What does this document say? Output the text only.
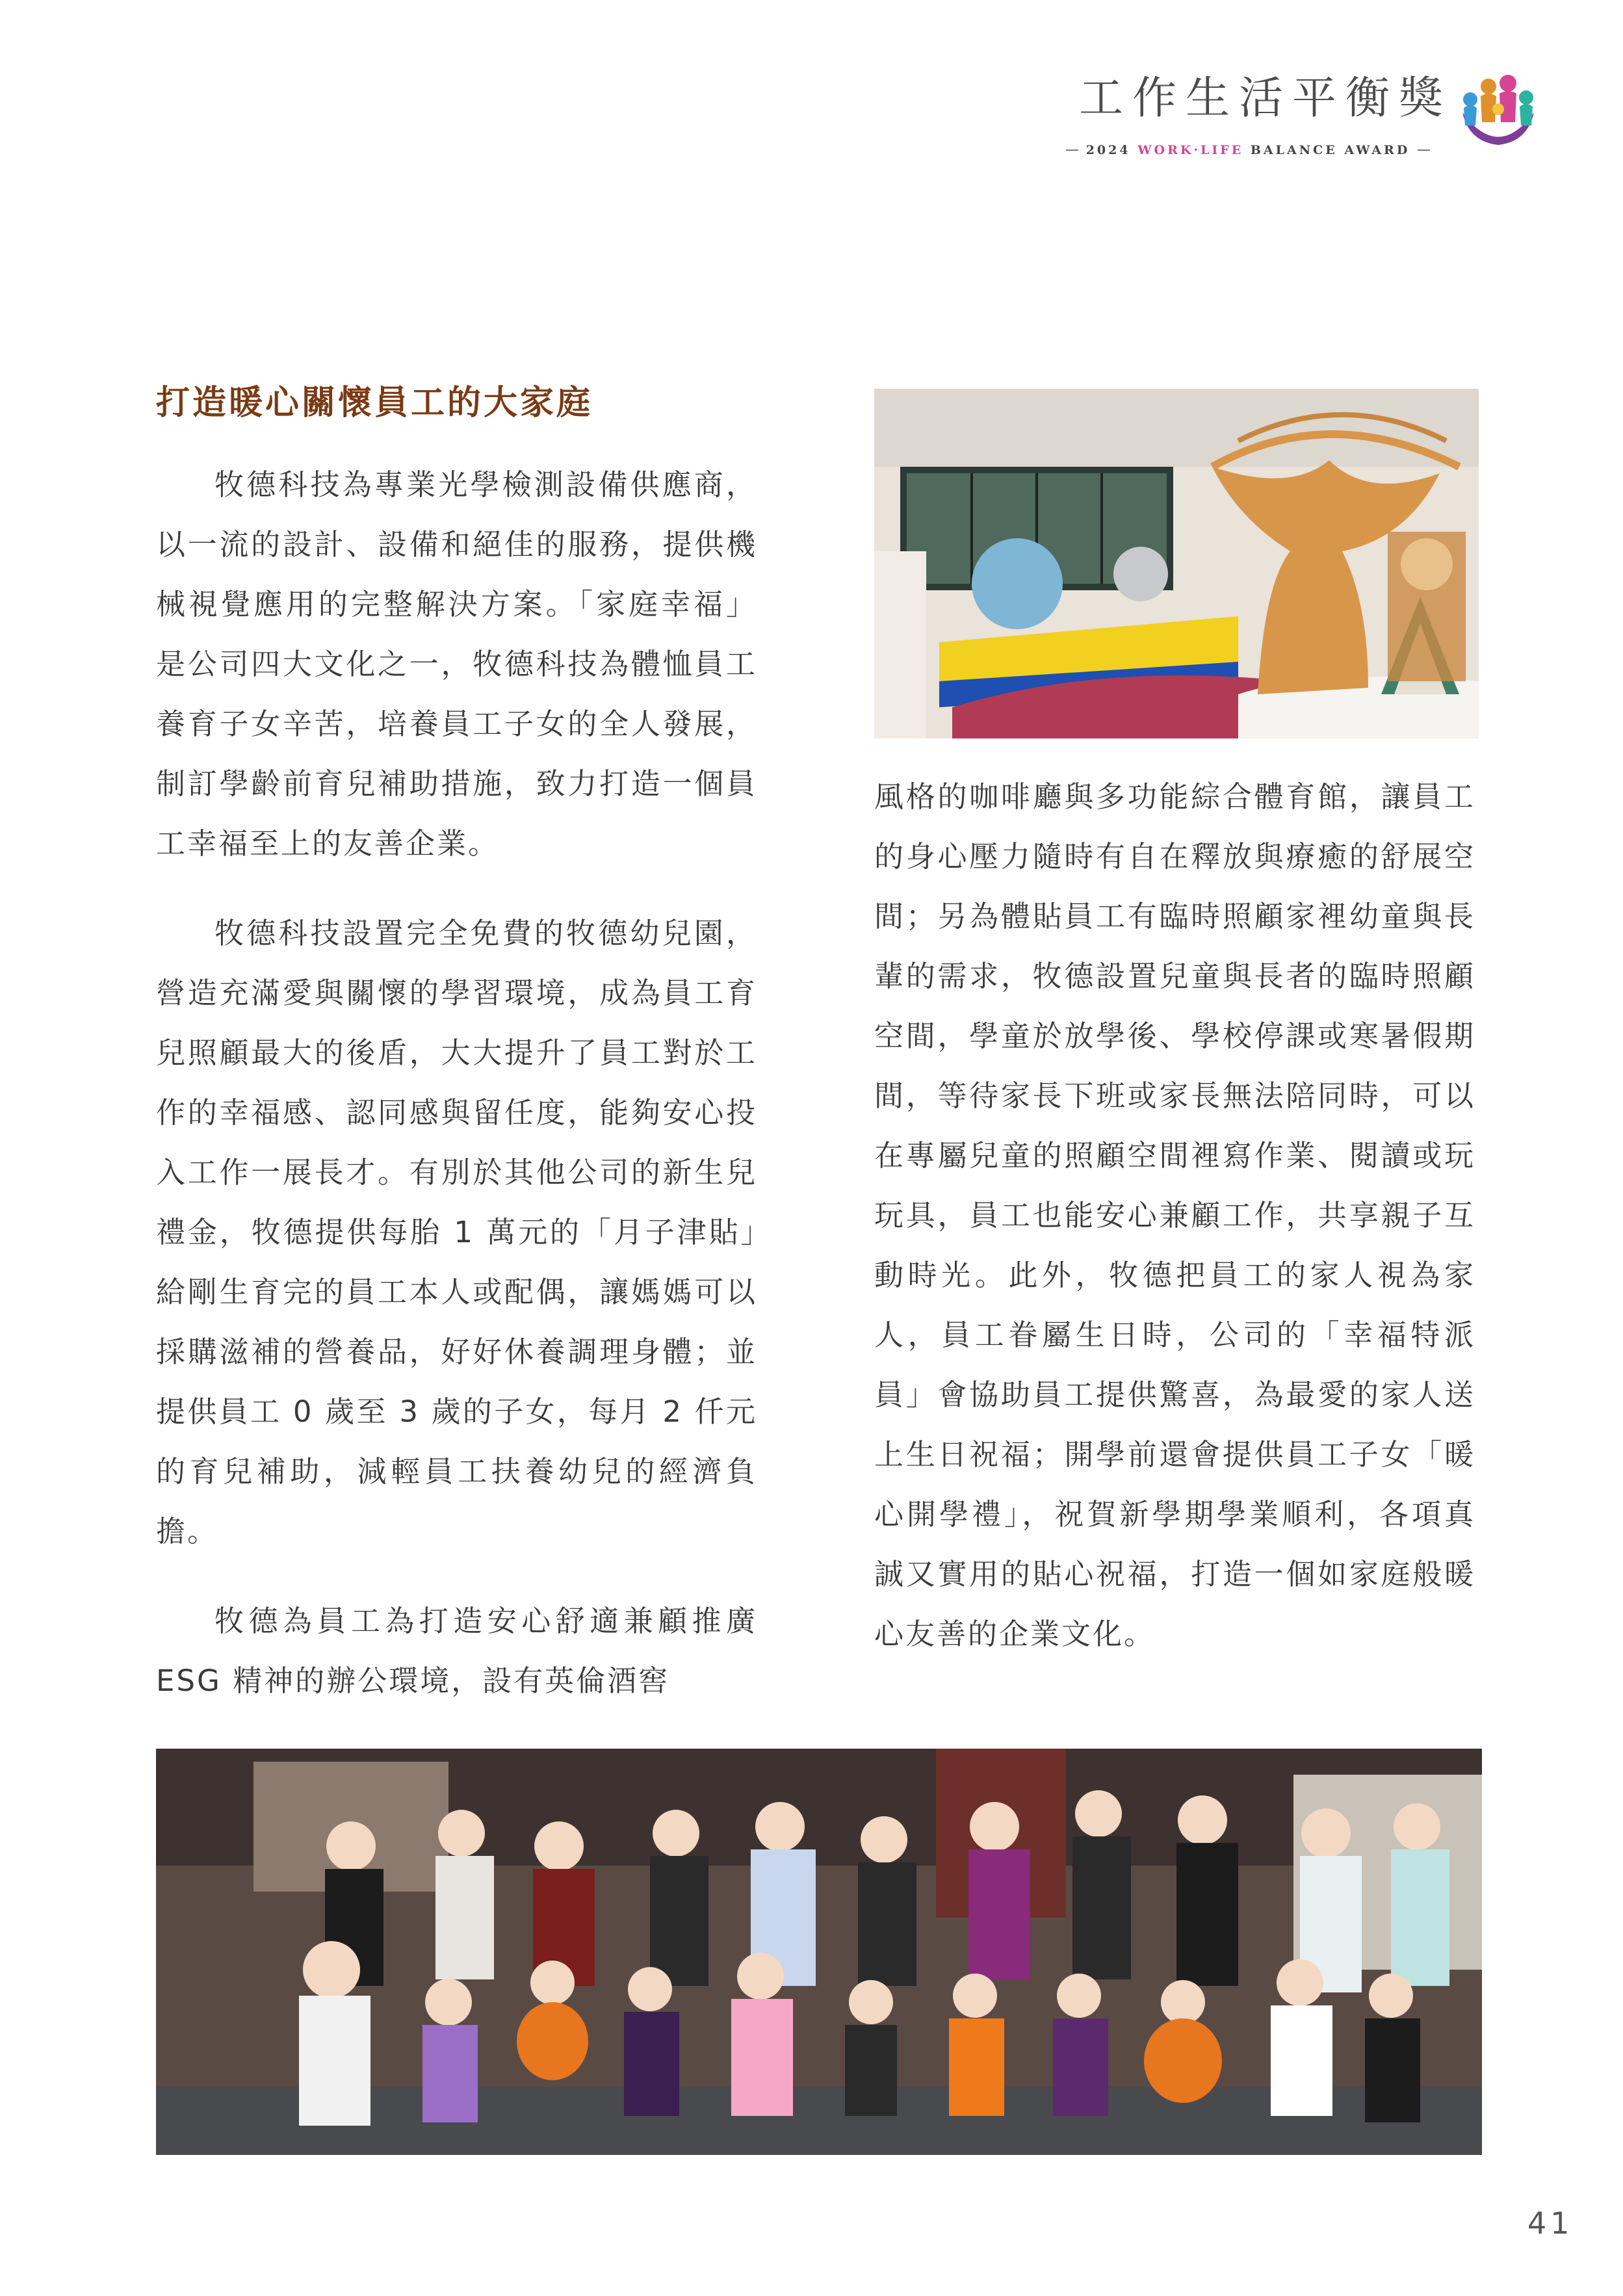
工作生活平衡獎
2024 WORK·LIFE BALANCE AWARD
打造暖心關懷員工的大家庭

牧德科技為專業光學檢測設備供應商，以一流的設計、設備和絕佳的服務，提供機械視覺應用的完整解決方案。「家庭幸福」是公司四大文化之一，牧德科技為體恤員工養育子女辛苦，培養員工子女的全人發展，制訂學齡前育兒補助措施，致力打造一個員工幸福至上的友善企業。

牧德科技設置完全免費的牧德幼兒園，營造充滿愛與關懷的學習環境，成為員工育兒照顧最大的後盾，大大提升了員工對於工作的幸福感、認同感與留任度，能夠安心投入工作一展長才。有別於其他公司的新生兒禮金，牧德提供每胎 1 萬元的「月子津貼」給剛生育完的員工本人或配偶，讓媽媽可以採購滋補的營養品，好好休養調理身體；並提供員工 0 歲至 3 歲的子女，每月 2 仟元的育兒補助，減輕員工扶養幼兒的經濟負擔。

牧德為員工為打造安心舒適兼顧推廣 ESG 精神的辦公環境，設有英倫酒窖

風格的咖啡廳與多功能綜合體育館，讓員工的身心壓力隨時有自在釋放與療癒的舒展空間；另為體貼員工有臨時照顧家裡幼童與長輩的需求，牧德設置兒童與長者的臨時照顧空間，學童於放學後、學校停課或寒暑假期間，等待家長下班或家長無法陪同時，可以在專屬兒童的照顧空間裡寫作業、閱讀或玩玩具，員工也能安心兼顧工作，共享親子互動時光。此外，牧德把員工的家人視為家人，員工眷屬生日時，公司的「幸福特派員」會協助員工提供驚喜，為最愛的家人送上生日祝福；開學前還會提供員工子女「暖心開學禮」，祝賀新學期學業順利，各項真誠又實用的貼心祝福，打造一個如家庭般暖心友善的企業文化。

41
